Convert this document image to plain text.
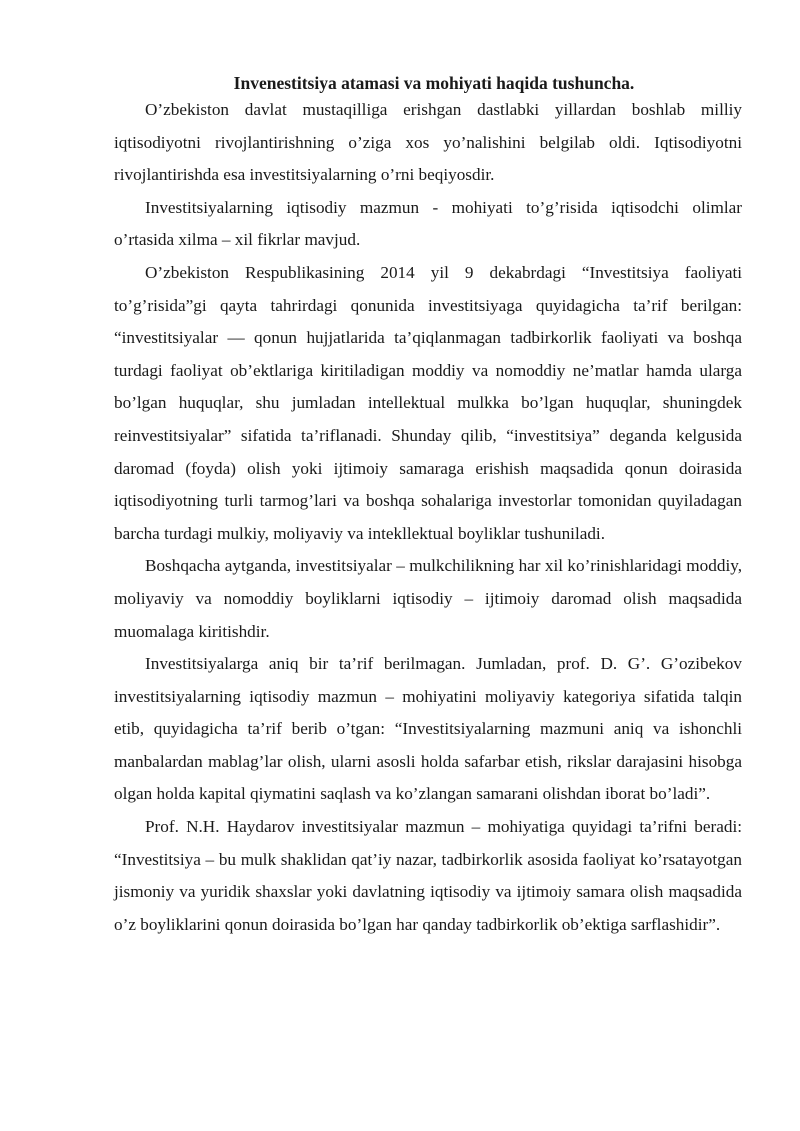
Invenestitsiya atamasi va mohiyati haqida tushuncha.

O’zbekiston davlat mustaqilliga erishgan dastlabki yillardan boshlab milliy iqtisodiyotni rivojlantirishning o’ziga xos yo’nalishini belgilab oldi. Iqtisodiyotni rivojlantirishda esa investitsiyalarning o’rni beqiyosdir.

Investitsiyalarning iqtisodiy mazmun - mohiyati to’g’risida iqtisodchi olimlar o’rtasida xilma – xil fikrlar mavjud.

O’zbekiston Respublikasining 2014 yil 9 dekabrdagi “Investitsiya faoliyati to’g’risida”gi qayta tahrirdagi qonunida investitsiyaga quyidagicha ta’rif berilgan: “investitsiyalar — qonun hujjatlarida ta’qiqlanmagan tadbirkorlik faoliyati va boshqa turdagi faoliyat ob’ektlariga kiritiladigan moddiy va nomoddiy ne’matlar hamda ularga bo’lgan huquqlar, shu jumladan intellektual mulkka bo’lgan huquqlar, shuningdek reinvestitsiyalar” sifatida ta’riflanadi. Shunday qilib, “investitsiya” deganda kelgusida daromad (foyda) olish yoki ijtimoiy samaraga erishish maqsadida qonun doirasida iqtisodiyotning turli tarmog’lari va boshqa sohalariga investorlar tomonidan quyiladagan barcha turdagi mulkiy, moliyaviy va intekllektual boyliklar tushuniladi.

Boshqacha aytganda, investitsiyalar – mulkchilikning har xil ko’rinishlaridagi moddiy, moliyaviy va nomoddiy boyliklarni iqtisodiy – ijtimoiy daromad olish maqsadida muomalaga kiritishdir.

Investitsiyalarga aniq bir ta’rif berilmagan. Jumladan, prof. D. G’. G’ozibekov investitsiyalarning iqtisodiy mazmun – mohiyatini moliyaviy kategoriya sifatida talqin etib, quyidagicha ta’rif berib o’tgan: “Investitsiyalarning mazmuni aniq va ishonchli manbalardan mablag’lar olish, ularni asosli holda safarbar etish, rikslar darajasini hisobga olgan holda kapital qiymatini saqlash va ko’zlangan samarani olishdan iborat bo’ladi”.

Prof. N.H. Haydarov investitsiyalar mazmun – mohiyatiga quyidagi ta’rifni beradi: “Investitsiya – bu mulk shaklidan qat’iy nazar, tadbirkorlik asosida faoliyat ko’rsatayotgan jismoniy va yuridik shaxslar yoki davlatning iqtisodiy va ijtimoiy samara olish maqsadida o’z boyliklarini qonun doirasida bo’lgan har qanday tadbirkorlik ob’ektiga sarflashidir”.
